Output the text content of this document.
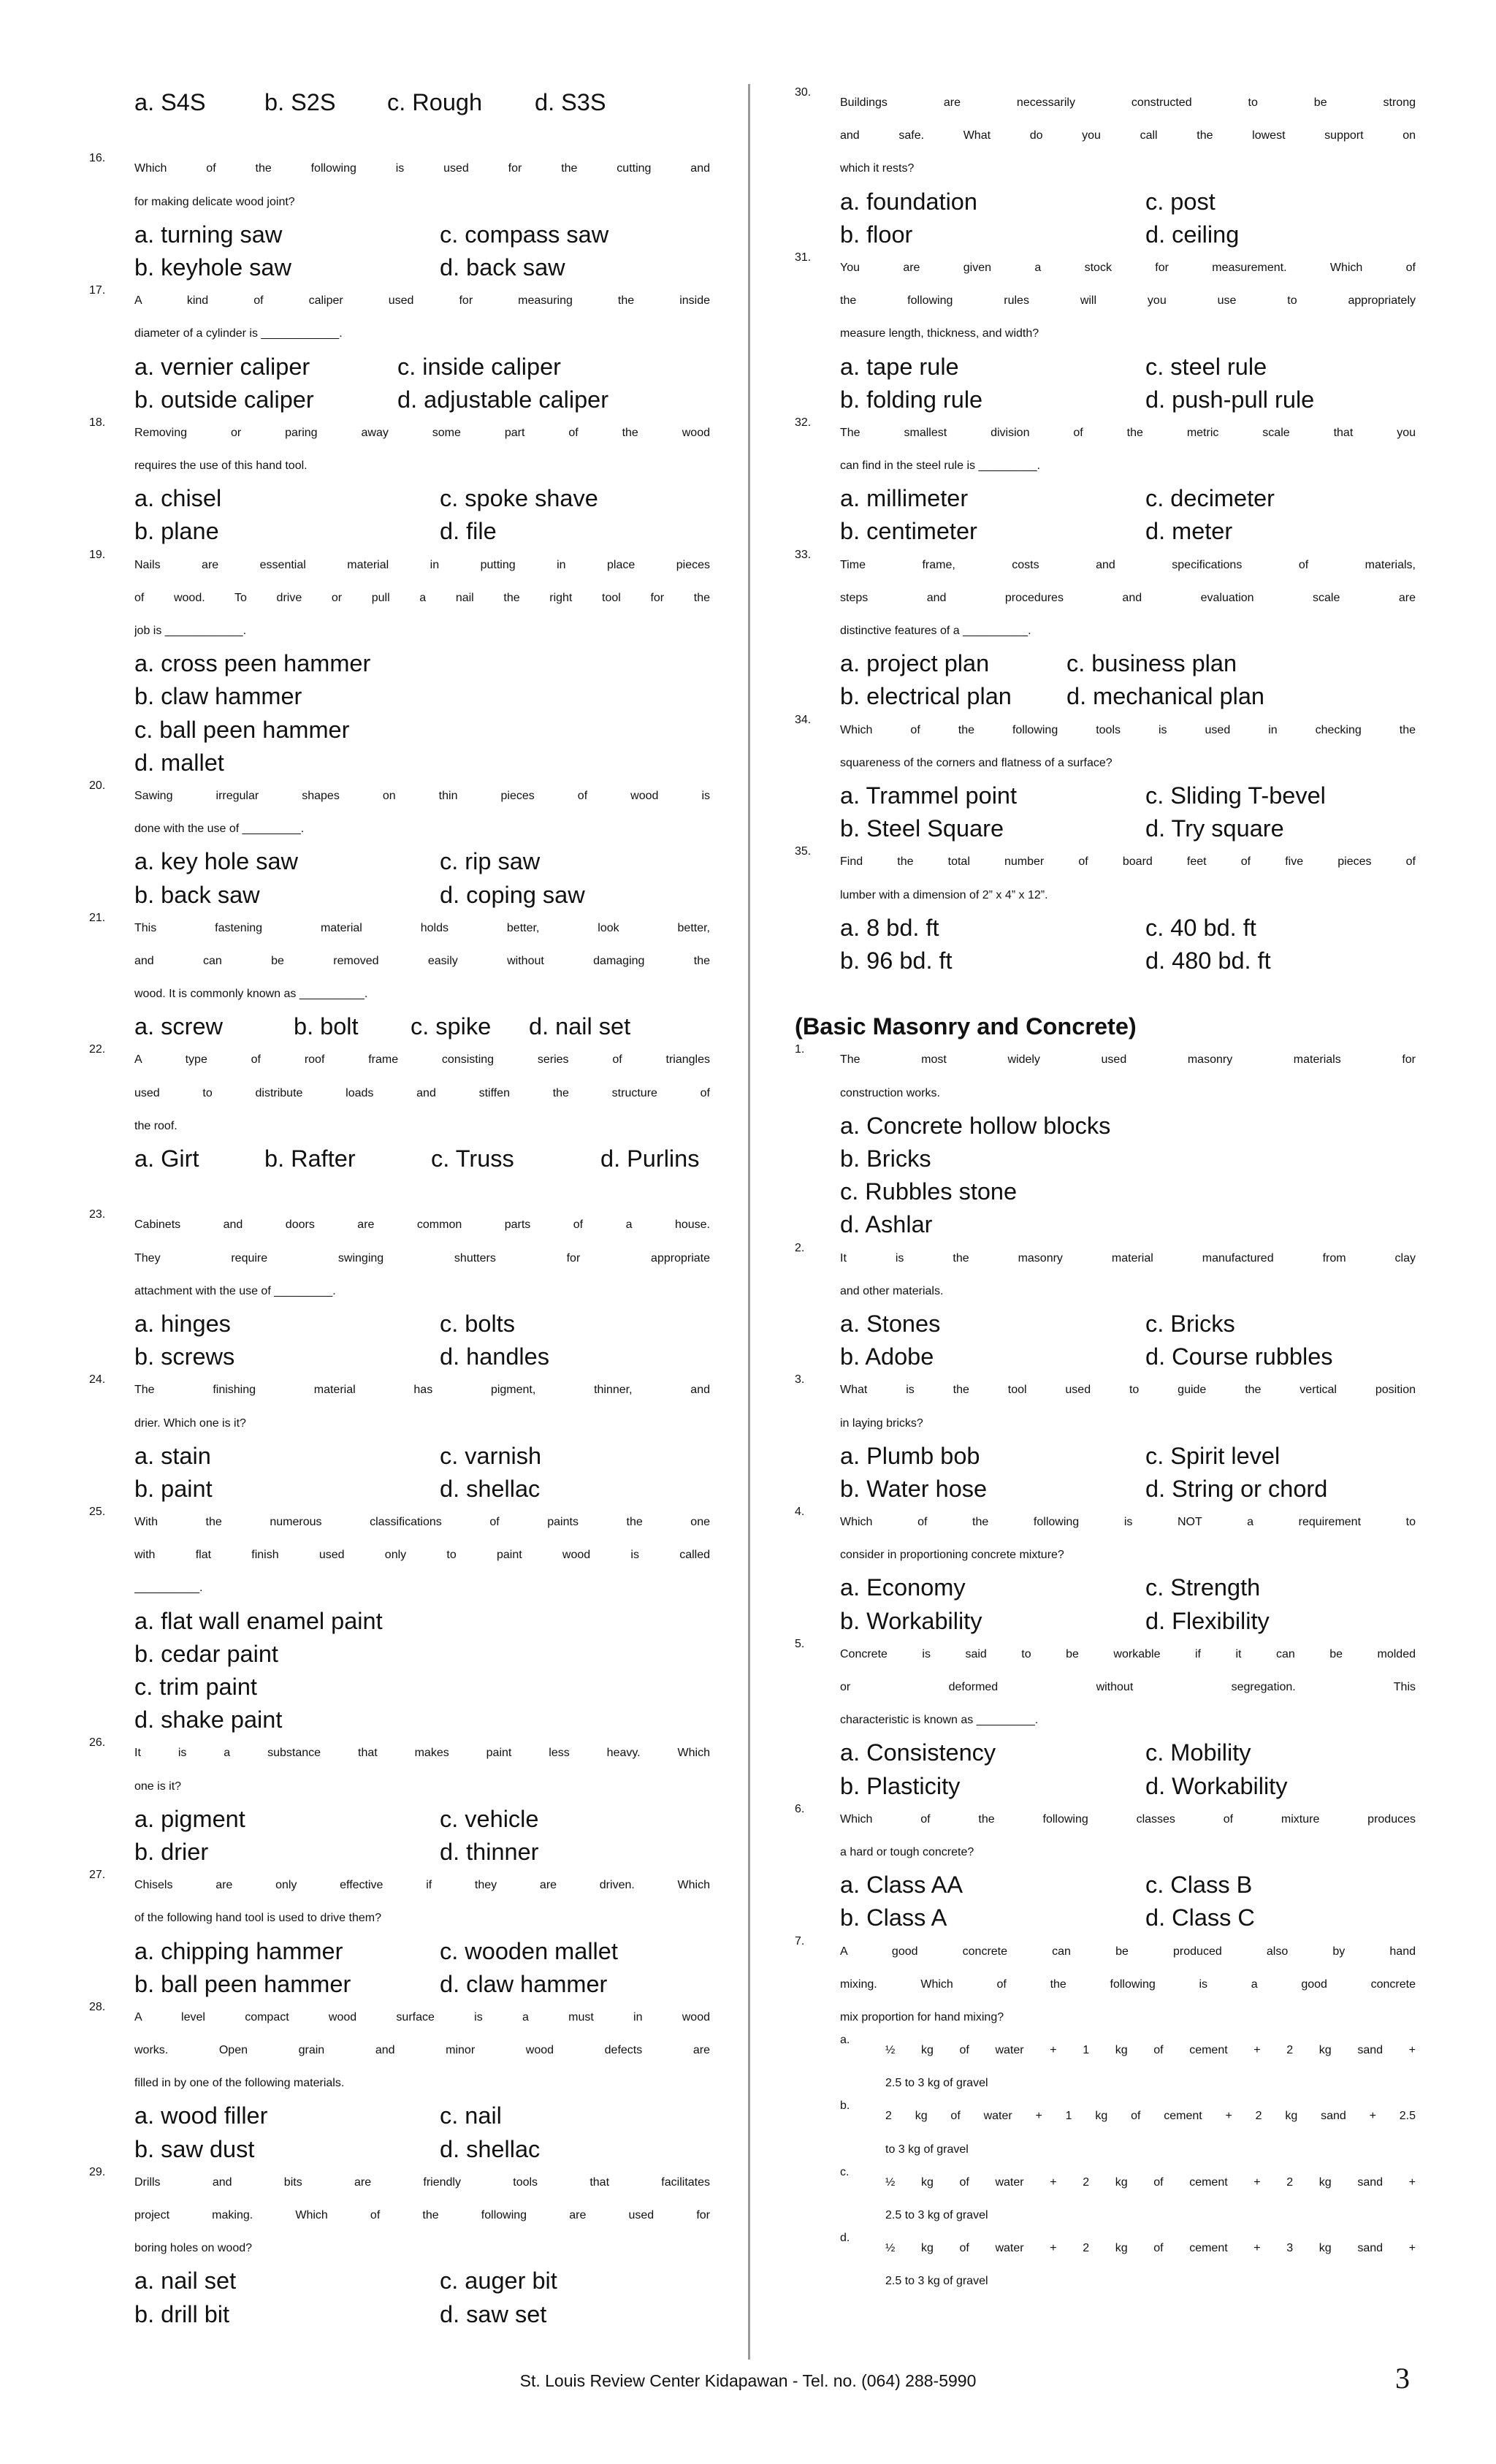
a. S4S b. S2S c. Rough d. S3S
16.
Which of the following is used for the cutting and
for making delicate wood joint?
a. turning saw	c. compass saw
b. keyhole saw	d. back saw
17.
A kind of caliper used for measuring the inside
diameter of a cylinder is ____________.
a. vernier caliper	c. inside caliper
b. outside caliper	d. adjustable caliper
18.
Removing or paring away some part of the wood
requires the use of this hand tool.
a. chisel	c. spoke shave
b. plane	d. file
19.
Nails are essential material in putting in place pieces
of wood. To drive or pull a nail the right tool for the
job is ____________.
a. cross peen hammer
b. claw hammer
c. ball peen hammer
d. mallet
20.
Sawing irregular shapes on thin pieces of wood is
done with the use of _________.
a. key hole saw	c. rip saw
b. back saw	d. coping saw
21.
This fastening material holds better, look better,
and can be removed easily without damaging the
wood. It is commonly known as __________.
a. screw	b. bolt c. spike d. nail set
22.
A type of roof frame consisting series of triangles
used to distribute loads and stiffen the structure of
the roof.
a. Girt	b. Rafter	c. Truss	d. Purlins
23.
Cabinets and doors are common parts of a house.
They require swinging shutters for appropriate
attachment with the use of _________.
a. hinges	c. bolts
b. screws	d. handles
24.
The finishing material has pigment, thinner, and
drier. Which one is it?
a. stain	c. varnish
b. paint	d. shellac
25.
With the numerous classifications of paints the one
with flat finish used only to paint wood is called
__________.
a. flat wall enamel paint
b. cedar paint
c. trim paint
d. shake paint
26.
It is a substance that makes paint less heavy. Which
one is it?
a. pigment	c. vehicle
b. drier	d. thinner
27.
Chisels are only effective if they are driven. Which
of the following hand tool is used to drive them?
a. chipping hammer	c. wooden mallet
b. ball peen hammer	d. claw hammer
28.
A level compact wood surface is a must in wood
works. Open grain and minor wood defects are
filled in by one of the following materials.
a. wood filler	c. nail
b. saw dust	d. shellac
29.
Drills and bits are friendly tools that facilitates
project making. Which of the following are used for
boring holes on wood?
a. nail set	c. auger bit
b. drill bit	d. saw set
30.
Buildings are necessarily constructed to be strong
and safe. What do you call the lowest support on
which it rests?
a. foundation	c. post
b. floor	d. ceiling
31.
You are given a stock for measurement. Which of
the following rules will you use to appropriately
measure length, thickness, and width?
a. tape rule	c. steel rule
b. folding rule	d. push-pull rule
32.
The smallest division of the metric scale that you
can find in the steel rule is _________.
a. millimeter	c. decimeter
b. centimeter	d. meter
33.
Time frame, costs and specifications of materials,
steps and procedures and evaluation scale are
distinctive features of a __________.
a. project plan	c. business plan
b. electrical plan d. mechanical plan
34.
Which of the following tools is used in checking the
squareness of the corners and flatness of a surface?
a. Trammel point	c. Sliding T-bevel
b. Steel Square	d. Try square
35.
Find the total number of board feet of five pieces of
lumber with a dimension of 2” x 4” x 12”.
a. 8 bd. ft	c. 40 bd. ft
b. 96 bd. ft	d. 480 bd. ft
(Basic Masonry and Concrete)
1.
The most widely used masonry materials for
construction works.
a. Concrete hollow blocks
b. Bricks
c. Rubbles stone
d. Ashlar
2.
It is the masonry material manufactured from clay
and other materials.
a. Stones	c. Bricks
b. Adobe	d. Course rubbles
3.
What is the tool used to guide the vertical position
in laying bricks?
a. Plumb bob	c. Spirit level
b. Water hose	d. String or chord
4.
Which of the following is NOT a requirement to
consider in proportioning concrete mixture?
a. Economy	c. Strength
b. Workability	d. Flexibility
5.
Concrete is said to be workable if it can be molded
or deformed without segregation. This
characteristic is known as _________.
a. Consistency	c. Mobility
b. Plasticity	d. Workability
6.
Which of the following classes of mixture produces
a hard or tough concrete?
a. Class AA	c. Class B
b. Class A	d. Class C
7.
A good concrete can be produced also by hand
mixing. Which of the following is a good concrete
mix proportion for hand mixing?
a.
½ kg of water + 1 kg of cement + 2 kg sand +
2.5 to 3 kg of gravel
b.
2 kg of water + 1 kg of cement + 2 kg sand + 2.5
to 3 kg of gravel
c.
½ kg of water + 2 kg of cement + 2 kg sand +
2.5 to 3 kg of gravel
d.
½ kg of water + 2 kg of cement + 3 kg sand +
2.5 to 3 kg of gravel
St. Louis Review Center Kidapawan - Tel. no. (064) 288-5990	3
